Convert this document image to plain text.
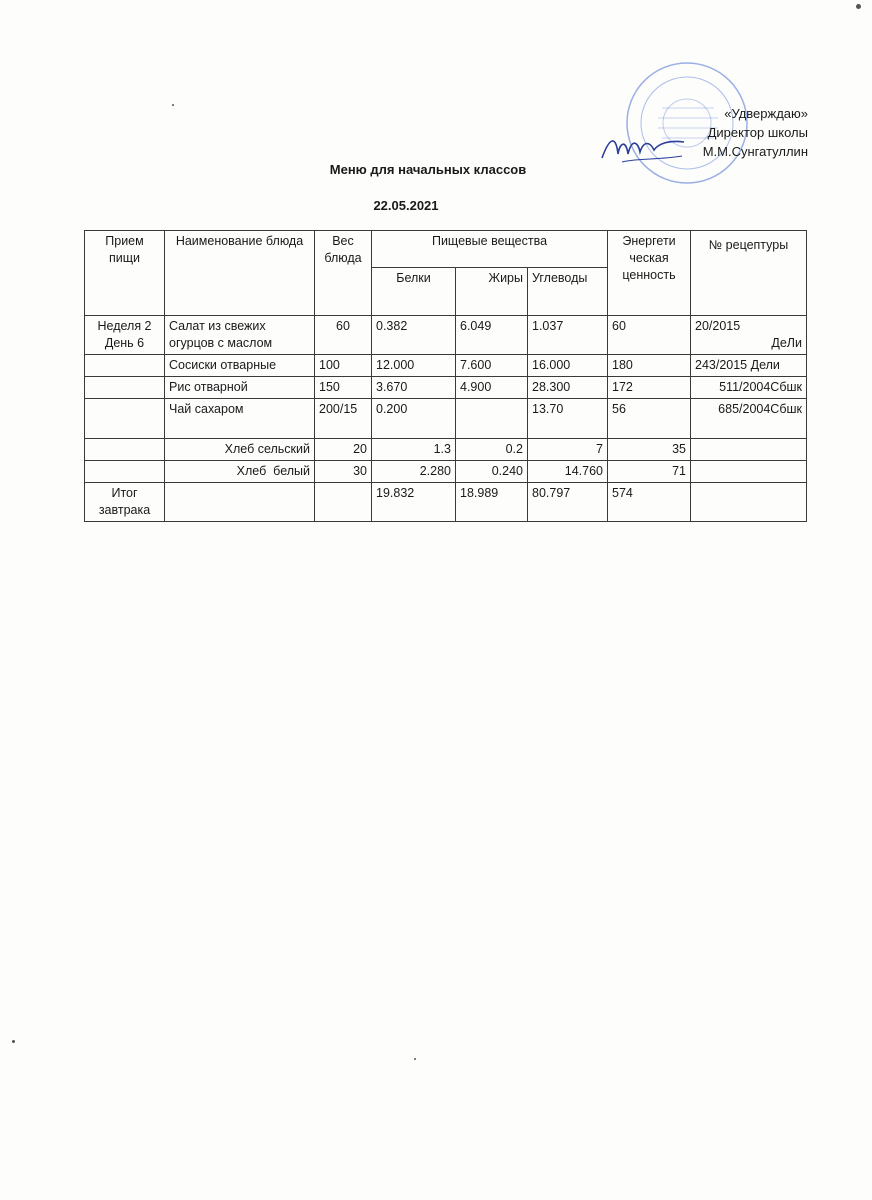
«Удверждаю»
Директор школы
М.М.Сунгатуллин
Меню для начальных классов
22.05.2021
Прием пищи	Наименование блюда	Вес блюда	Пищевые вещества			Энергети ческая ценность	№ рецептуры
			Белки	Жиры	Углеводы		
Неделя 2 День 6	Салат из свежих огурцов с маслом	60	0.382	6.049	1.037	60	20/2015
ДеЛи

	Сосиски отварные	100	12.000	7.600	16.000	180	243/2015 Дели
	Рис отварной	150	3.670	4.900	28.300	172	511/2004Сбшк
	Чай сахаром	200/15	0.200		13.70	56	685/2004Сбшк
	Хлеб сельский	20	1.3	0.2	7	35	
	Хлеб  белый	30	2.280	0.240	14.760	71	
Итог завтрака			19.832	18.989	80.797	574	
